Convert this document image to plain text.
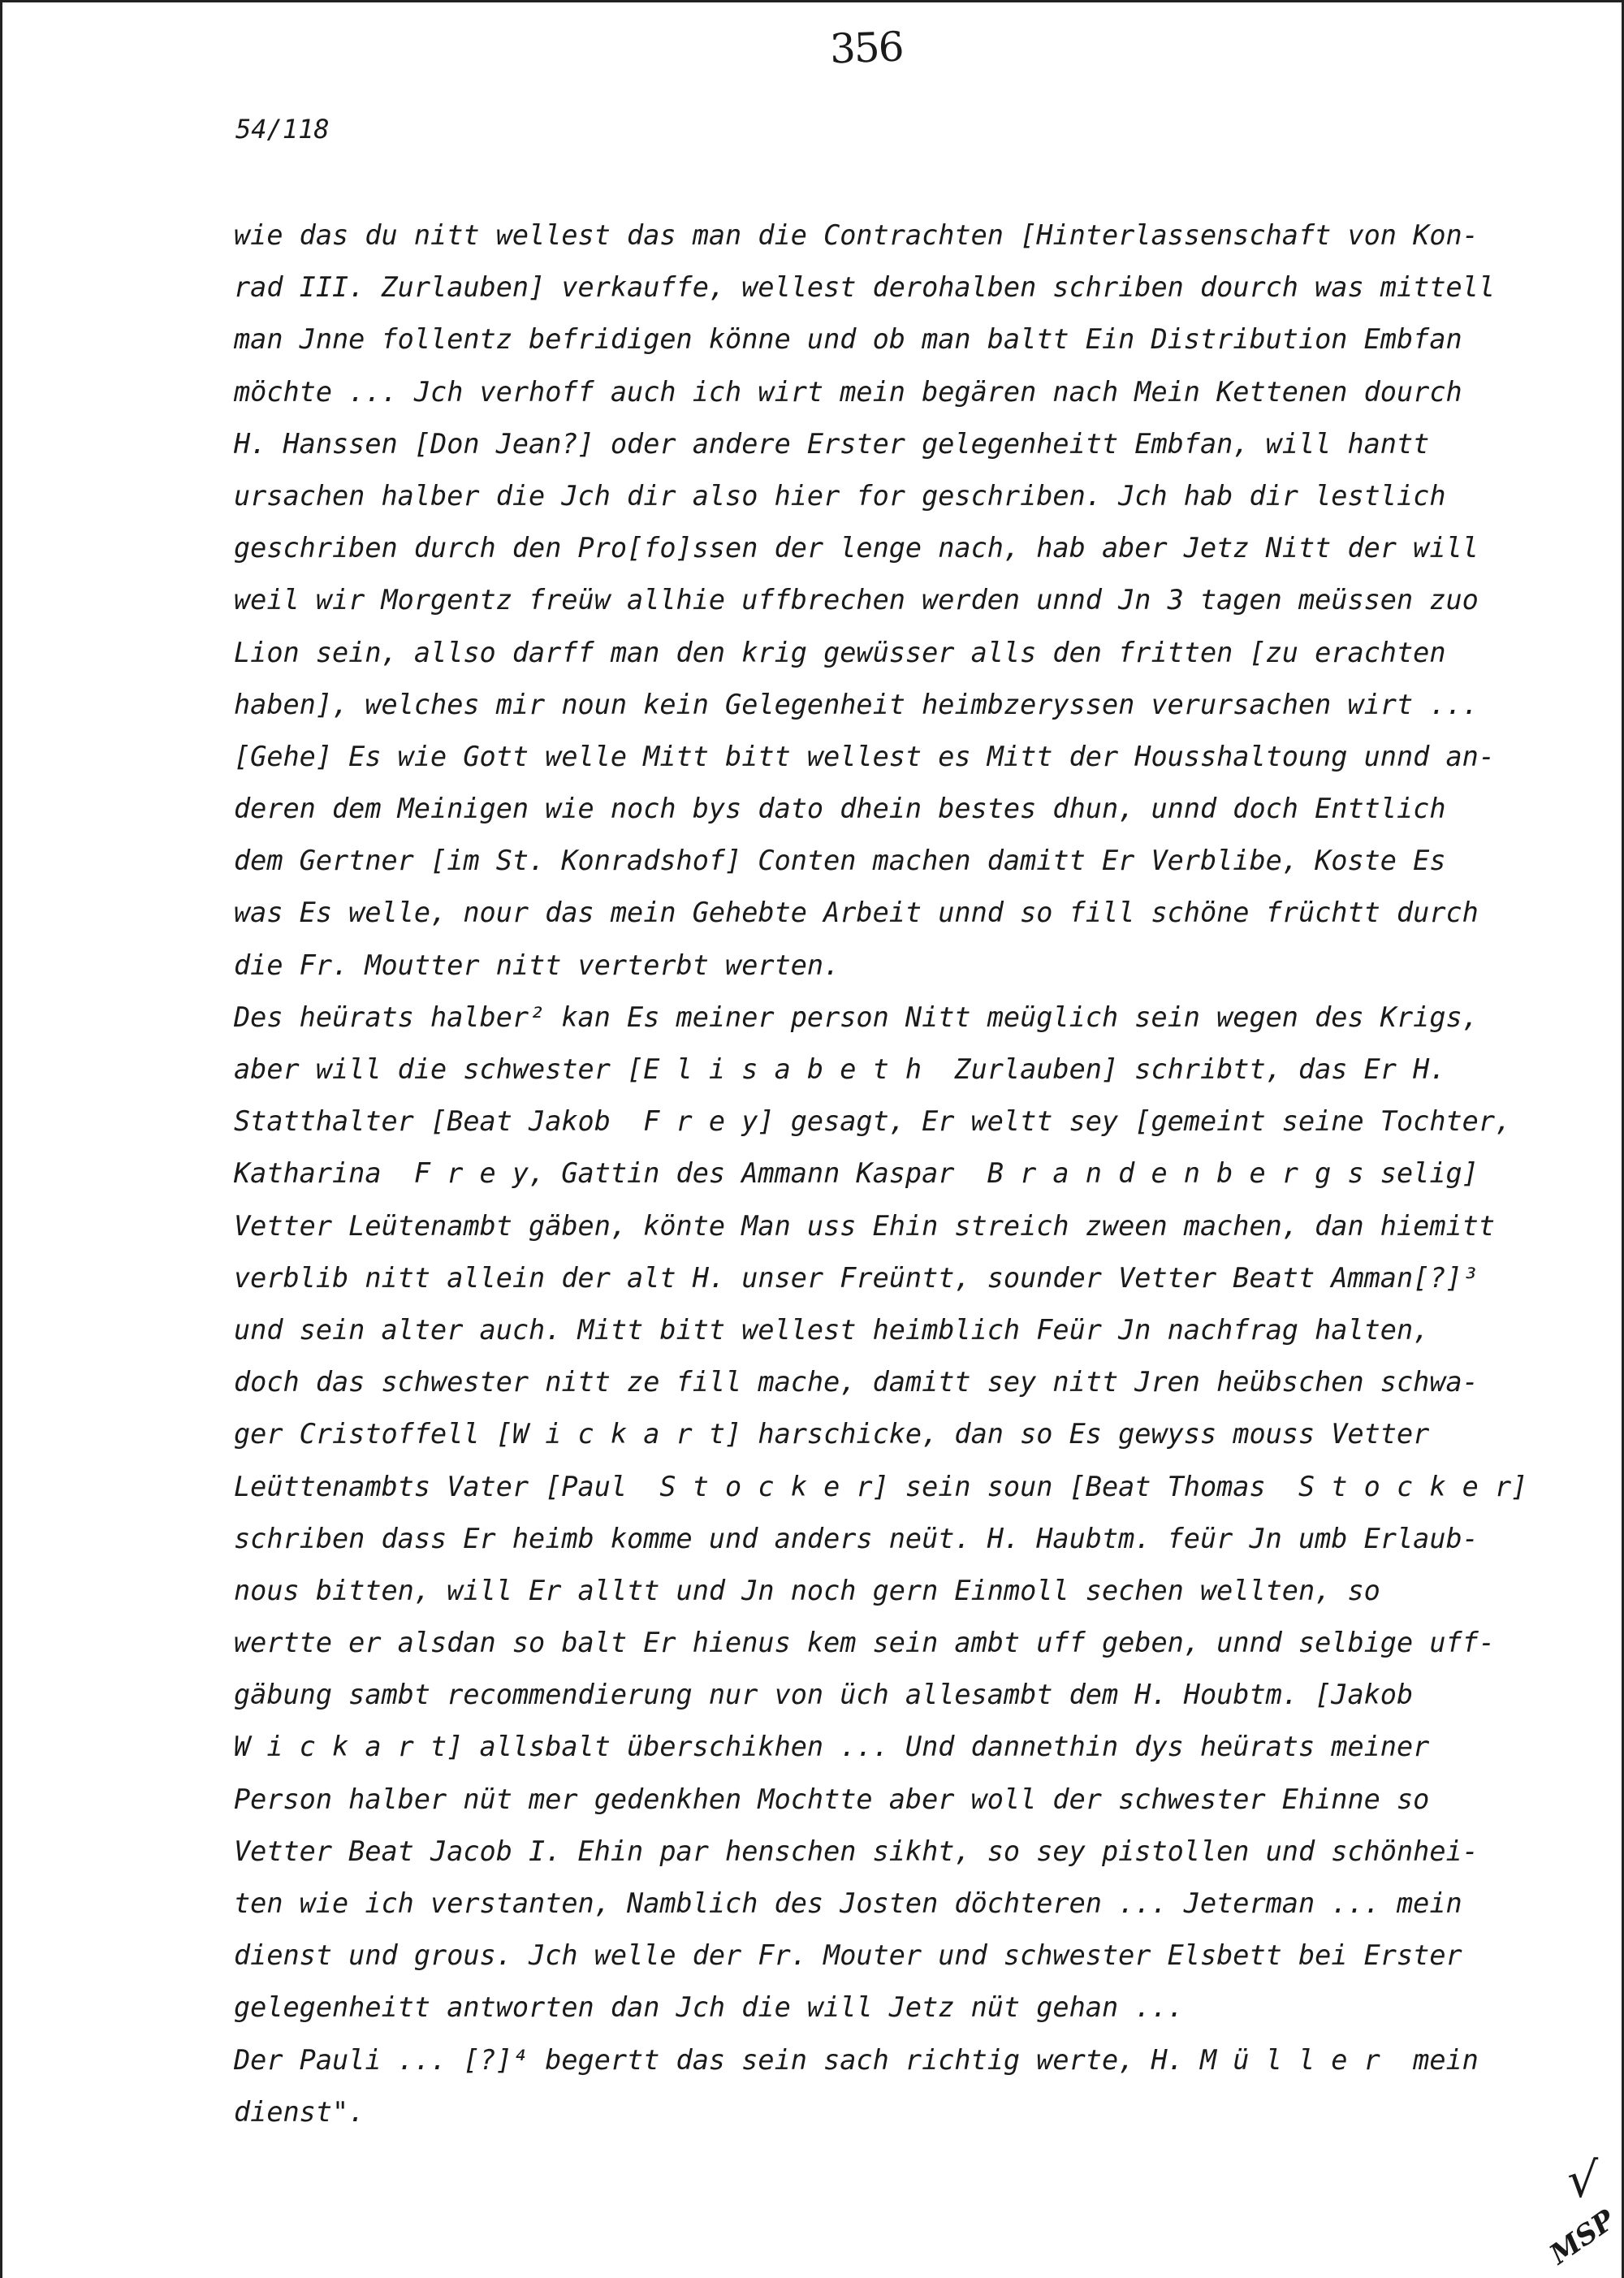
356
54/118
wie das du nitt wellest das man die Contrachten [Hinterlassenschaft von Kon-
rad III. Zurlauben] verkauffe, wellest derohalben schriben dourch was mittell
man Jnne follentz befridigen könne und ob man baltt Ein Distribution Embfan
möchte ... Jch verhoff auch ich wirt mein begären nach Mein Kettenen dourch
H. Hanssen [Don Jean?] oder andere Erster gelegenheitt Embfan, will hantt
ursachen halber die Jch dir also hier for geschriben. Jch hab dir lestlich
geschriben durch den Pro[fo]ssen der lenge nach, hab aber Jetz Nitt der will
weil wir Morgentz freüw allhie uffbrechen werden unnd Jn 3 tagen meüssen zuo
Lion sein, allso darff man den krig gewüsser alls den fritten [zu erachten
haben], welches mir noun kein Gelegenheit heimbzeryssen verursachen wirt ...
[Gehe] Es wie Gott welle Mitt bitt wellest es Mitt der Housshaltoung unnd an-
deren dem Meinigen wie noch bys dato dhein bestes dhun, unnd doch Enttlich
dem Gertner [im St. Konradshof] Conten machen damitt Er Verblibe, Koste Es
was Es welle, nour das mein Gehebte Arbeit unnd so fill schöne früchtt durch
die Fr. Moutter nitt verterbt werten.
Des heürats halber² kan Es meiner person Nitt meüglich sein wegen des Krigs,
aber will die schwester [E l i s a b e t h  Zurlauben] schribtt, das Er H.
Statthalter [Beat Jakob  F r e y] gesagt, Er weltt sey [gemeint seine Tochter,
Katharina  F r e y, Gattin des Ammann Kaspar  B r a n d e n b e r g s selig]
Vetter Leütenambt gäben, könte Man uss Ehin streich zween machen, dan hiemitt
verblib nitt allein der alt H. unser Freüntt, sounder Vetter Beatt Amman[?]³
und sein alter auch. Mitt bitt wellest heimblich Feür Jn nachfrag halten,
doch das schwester nitt ze fill mache, damitt sey nitt Jren heübschen schwa-
ger Cristoffell [W i c k a r t] harschicke, dan so Es gewyss mouss Vetter
Leüttenambts Vater [Paul  S t o c k e r] sein soun [Beat Thomas  S t o c k e r]
schriben dass Er heimb komme und anders neüt. H. Haubtm. feür Jn umb Erlaub-
nous bitten, will Er alltt und Jn noch gern Einmoll sechen wellten, so
wertte er alsdan so balt Er hienus kem sein ambt uff geben, unnd selbige uff-
gäbung sambt recommendierung nur von üch allesambt dem H. Houbtm. [Jakob
W i c k a r t] allsbalt überschikhen ... Und dannethin dys heürats meiner
Person halber nüt mer gedenkhen Mochtte aber woll der schwester Ehinne so
Vetter Beat Jacob I. Ehin par henschen sikht, so sey pistollen und schönhei-
ten wie ich verstanten, Namblich des Josten döchteren ... Jeterman ... mein
dienst und grous. Jch welle der Fr. Mouter und schwester Elsbett bei Erster
gelegenheitt antworten dan Jch die will Jetz nüt gehan ...
Der Pauli ... [?]⁴ begertt das sein sach richtig werte, H. M ü l l e r  mein
dienst".
√
MSP
